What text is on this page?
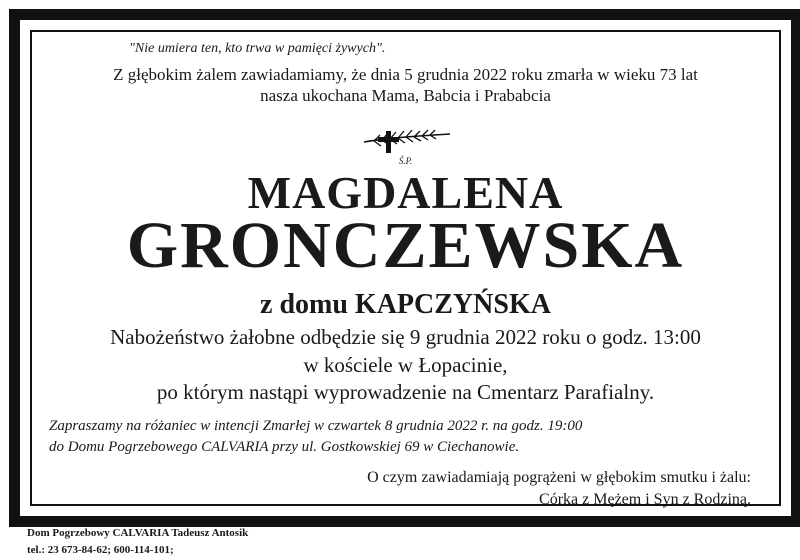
"Nie umiera ten, kto trwa w pamięci żywych".
Z głębokim żalem zawiadamiamy, że dnia 5 grudnia 2022 roku zmarła w wieku 73 lat
nasza ukochana Mama, Babcia i Prababcia
Ś.P.
MAGDALENA
GRONCZEWSKA
z domu KAPCZYŃSKA
Nabożeństwo żałobne odbędzie się 9 grudnia 2022 roku o godz. 13:00
w kościele w Łopacinie,
po którym nastąpi wyprowadzenie na Cmentarz Parafialny.
Zapraszamy na różaniec w intencji Zmarłej w czwartek 8 grudnia 2022 r. na godz. 19:00
do Domu Pogrzebowego CALVARIA przy ul. Gostkowskiej 69 w Ciechanowie.
O czym zawiadamiają pogrążeni w głębokim smutku i żalu:
Córka z Mężem i Syn z Rodziną.
Dom Pogrzebowy CALVARIA Tadeusz Antosik
tel.: 23 673-84-62; 600-114-101;
